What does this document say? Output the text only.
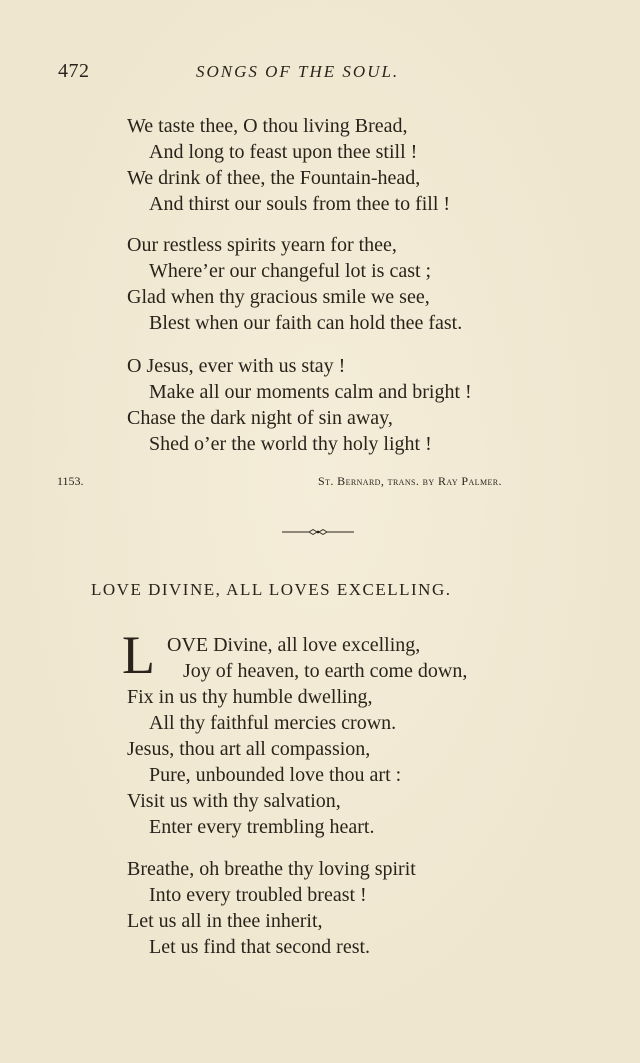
472	SONGS OF THE SOUL.
We taste thee, O thou living Bread,
And long to feast upon thee still !
We drink of thee, the Fountain-head,
And thirst our souls from thee to fill !
Our restless spirits yearn for thee,
Where’er our changeful lot is cast ;
Glad when thy gracious smile we see,
Blest when our faith can hold thee fast.
O Jesus, ever with us stay !
Make all our moments calm and bright !
Chase the dark night of sin away,
Shed o’er the world thy holy light !
1153.	St. Bernard, trans. by Ray Palmer.
LOVE DIVINE, ALL LOVES EXCELLING.
L OVE Divine, all love excelling,
Joy of heaven, to earth come down,
Fix in us thy humble dwelling,
All thy faithful mercies crown.
Jesus, thou art all compassion,
Pure, unbounded love thou art :
Visit us with thy salvation,
Enter every trembling heart.
Breathe, oh breathe thy loving spirit
Into every troubled breast !
Let us all in thee inherit,
Let us find that second rest.
